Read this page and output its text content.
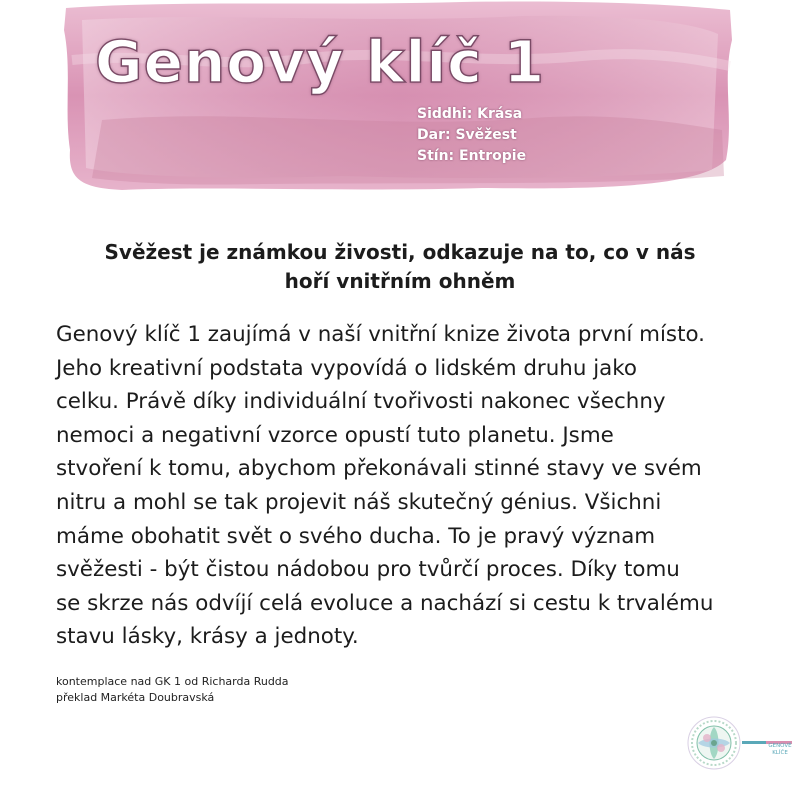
Genový klíč 1
Siddhi: Krása
Dar: Svěžest
Stín: Entropie
Svěžest je známkou živosti, odkazuje na to, co v nás
hoří vnitřním ohněm
Genový klíč 1 zaujímá v naší vnitřní knize života první místo.
Jeho kreativní podstata vypovídá o lidském druhu jako
celku. Právě díky individuální tvořivosti nakonec všechny
nemoci a negativní vzorce opustí tuto planetu. Jsme
stvoření k tomu, abychom překonávali stinné stavy ve svém
nitru a mohl se tak projevit náš skutečný génius. Všichni
máme obohatit svět o svého ducha. To je pravý význam
svěžesti - být čistou nádobou pro tvůrčí proces. Díky tomu
se skrze nás odvíjí celá evoluce a nachází si cestu k trvalému
stavu lásky, krásy a jednoty.
kontemplace nad GK 1 od Richarda Rudda
překlad Markéta Doubravská
GENOVÉ
KLÍČE
